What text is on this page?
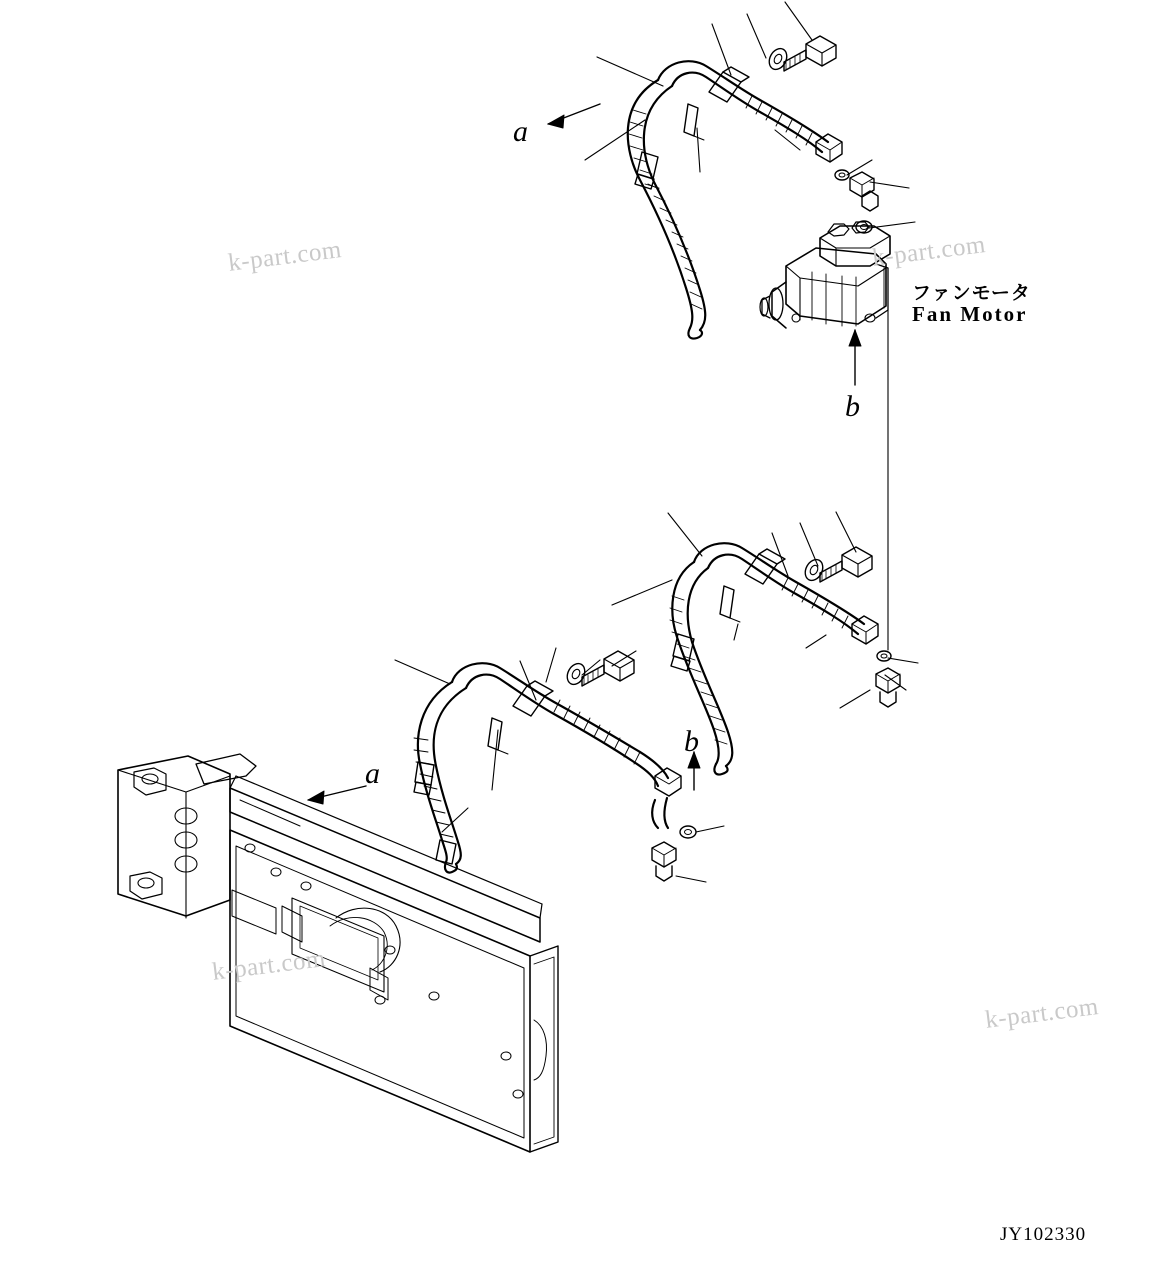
k-part.com	k-part.com
k-part.com
k-part.com
a
b
a
b
ファンモータ
Fan Motor
JY102330
